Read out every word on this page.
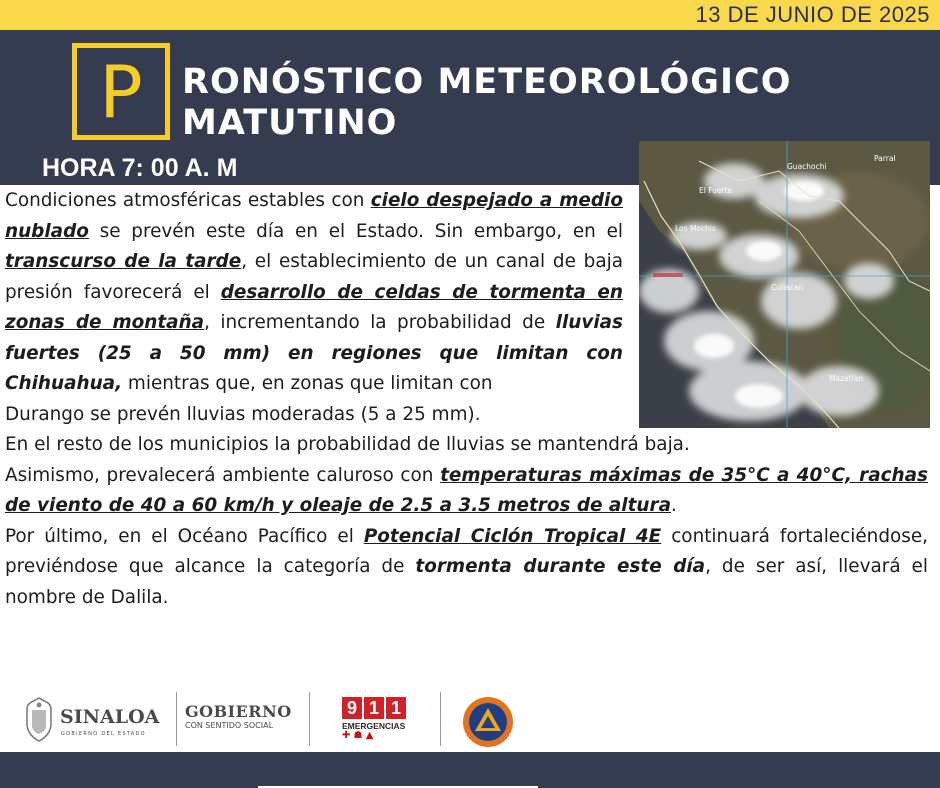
13 DE JUNIO DE 2025
P	RONÓSTICO METEOROLÓGICO
MATUTINO
HORA 7: 00 A. M	Guachochi
Parral
El Fuerte
Los Mochis
Culiacan
Mazatlan
Condiciones atmosféricas estables con cielo despejado a medio nublado se prevén este día en el Estado. Sin embargo, en el transcurso de la tarde, el establecimiento de un canal de baja presión favorecerá el desarrollo de celdas de tormenta en zonas de montaña, incrementando la probabilidad de lluvias fuertes (25 a 50 mm) en regiones que limitan con Chihuahua, mientras que, en zonas que limitan con
Durango se prevén lluvias moderadas (5 a 25 mm).
En el resto de los municipios la probabilidad de lluvias se mantendrá baja.
Asimismo, prevalecerá ambiente caluroso con temperaturas máximas de 35°C a 40°C, rachas de viento de 40 a 60 km/h y oleaje de 2.5 a 3.5 metros de altura.
Por último, en el Océano Pacífico el Potencial Ciclón Tropical 4E continuará fortaleciéndose, previéndose que alcance la categoría de tormenta durante este día, de ser así, llevará el nombre de Dalila.
SINALOA
GOBIERNO DEL ESTADO
GOBIERNO
CON SENTIDO SOCIAL
9 1 1
EMERGENCIAS
✚ ☗ ▲
